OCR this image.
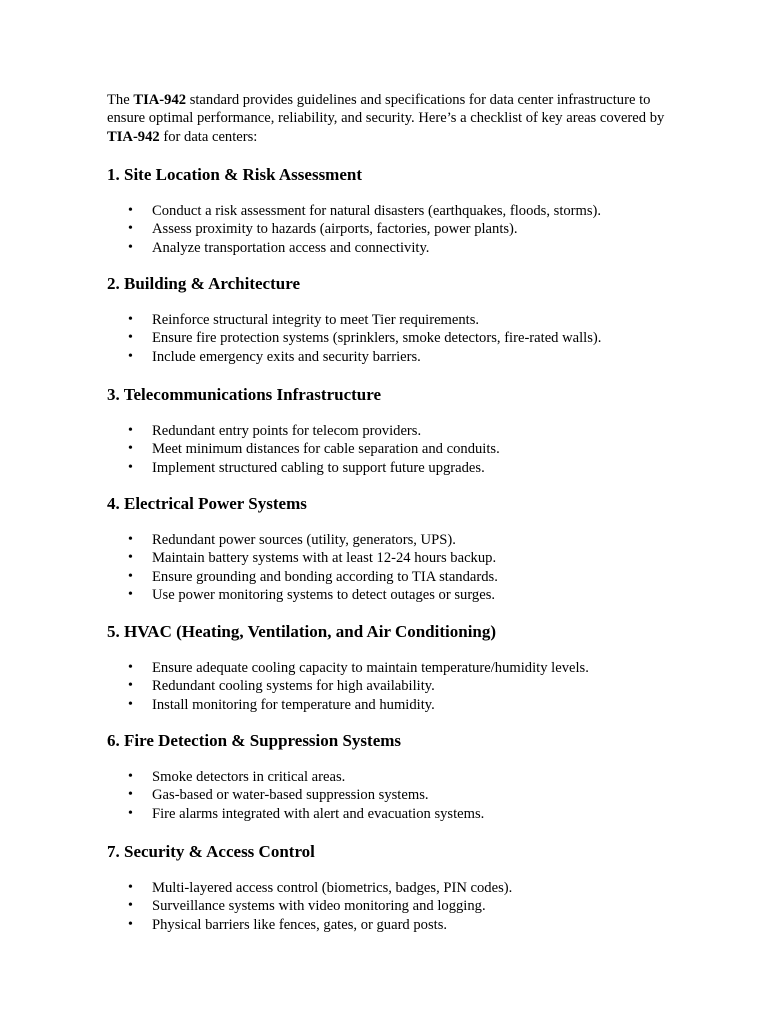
The TIA-942 standard provides guidelines and specifications for data center infrastructure to ensure optimal performance, reliability, and security. Here’s a checklist of key areas covered by TIA-942 for data centers:

1. Site Location & Risk Assessment
• Conduct a risk assessment for natural disasters (earthquakes, floods, storms).
• Assess proximity to hazards (airports, factories, power plants).
• Analyze transportation access and connectivity.
2. Building & Architecture
• Reinforce structural integrity to meet Tier requirements.
• Ensure fire protection systems (sprinklers, smoke detectors, fire-rated walls).
• Include emergency exits and security barriers.
3. Telecommunications Infrastructure
• Redundant entry points for telecom providers.
• Meet minimum distances for cable separation and conduits.
• Implement structured cabling to support future upgrades.
4. Electrical Power Systems
• Redundant power sources (utility, generators, UPS).
• Maintain battery systems with at least 12-24 hours backup.
• Ensure grounding and bonding according to TIA standards.
• Use power monitoring systems to detect outages or surges.
5. HVAC (Heating, Ventilation, and Air Conditioning)
• Ensure adequate cooling capacity to maintain temperature/humidity levels.
• Redundant cooling systems for high availability.
• Install monitoring for temperature and humidity.
6. Fire Detection & Suppression Systems
• Smoke detectors in critical areas.
• Gas-based or water-based suppression systems.
• Fire alarms integrated with alert and evacuation systems.
7. Security & Access Control
• Multi-layered access control (biometrics, badges, PIN codes).
• Surveillance systems with video monitoring and logging.
• Physical barriers like fences, gates, or guard posts.
